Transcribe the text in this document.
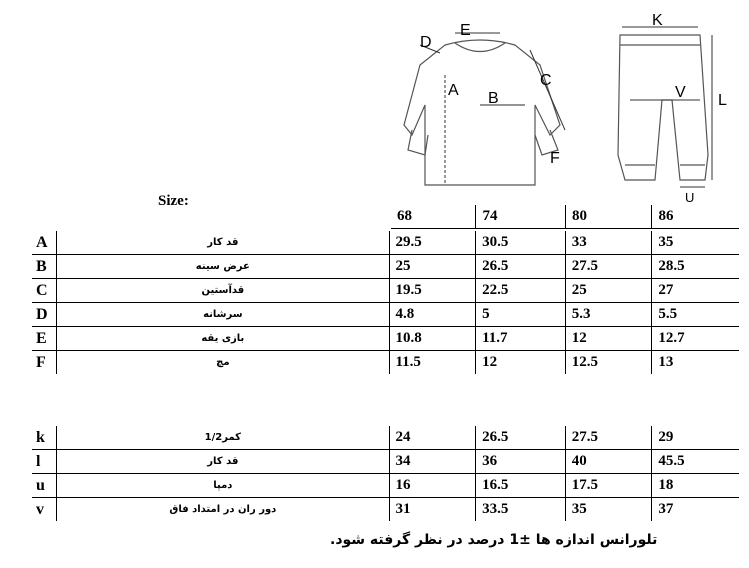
E
D
A B
C
F
K
V L
U
Size:
68	74	80	86
A	قد کار	29.5	30.5	33	35
B	عرض سینه	25	26.5	27.5	28.5
C	قدآستین	19.5	22.5	25	27
D	سرشانه	4.8	5	5.3	5.5
E	بازی یقه	10.8	11.7	12	12.7
F	مچ	11.5	12	12.5	13
k	1/2کمر	24	26.5	27.5	29
l	قد کار	34	36	40	45.5
u	دمپا	16	16.5	17.5	18
v	دور ران در امتداد فاق	31	33.5	35	37
تلورانس اندازه ها ±1 درصد در نظر گرفته شود.
